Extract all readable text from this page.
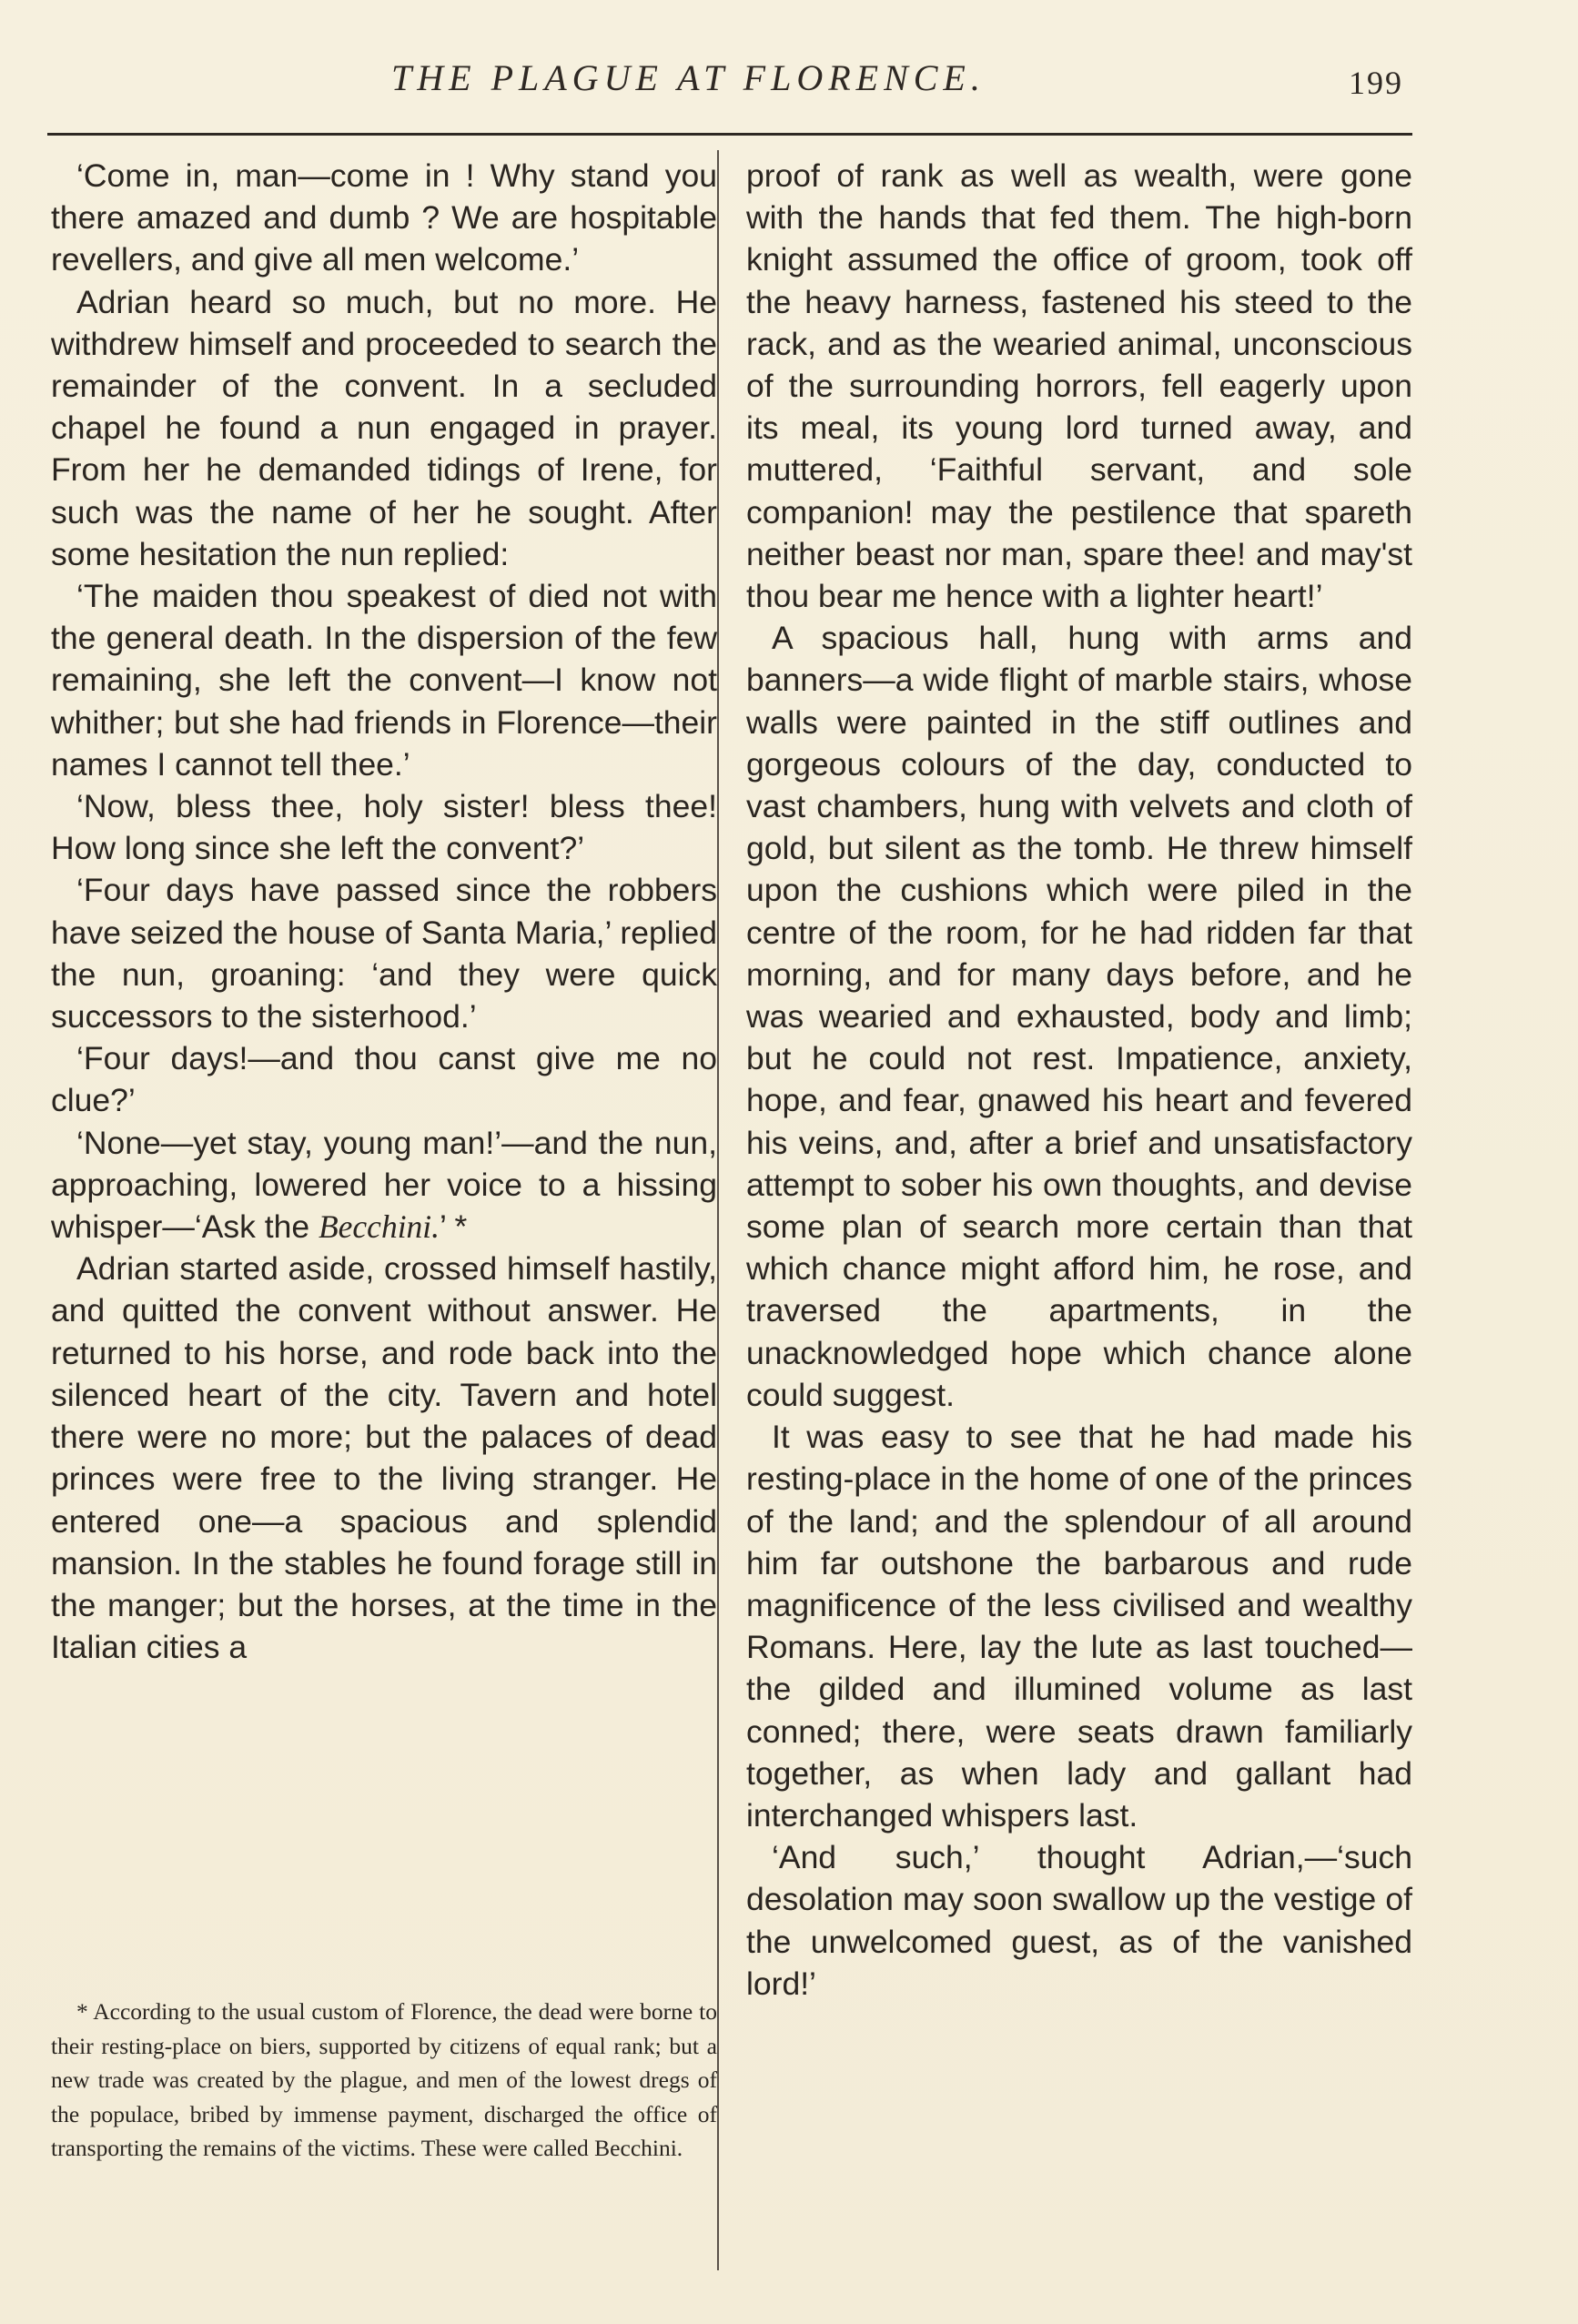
THE PLAGUE AT FLORENCE.	199

‘Come in, man—come in ! Why stand you there amazed and dumb ? We are hospitable revellers, and give all men welcome.’

Adrian heard so much, but no more. He withdrew himself and proceeded to search the remainder of the convent. In a secluded chapel he found a nun engaged in prayer. From her he demanded tidings of Irene, for such was the name of her he sought. After some hesitation the nun replied:

‘The maiden thou speakest of died not with the general death. In the dispersion of the few remaining, she left the convent—I know not whither; but she had friends in Florence—their names I cannot tell thee.’

‘Now, bless thee, holy sister! bless thee! How long since she left the convent?’

‘Four days have passed since the robbers have seized the house of Santa Maria,’ replied the nun, groaning: ‘and they were quick successors to the sisterhood.’

‘Four days!—and thou canst give me no clue?’

‘None—yet stay, young man!’—and the nun, approaching, lowered her voice to a hissing whisper—‘Ask the Becchini.’ *

Adrian started aside, crossed himself hastily, and quitted the convent without answer. He returned to his horse, and rode back into the silenced heart of the city. Tavern and hotel there were no more; but the palaces of dead princes were free to the living stranger. He entered one—a spacious and splendid mansion. In the stables he found forage still in the manger; but the horses, at the time in the Italian cities a

* According to the usual custom of Florence, the dead were borne to their resting-place on biers, supported by citizens of equal rank; but a new trade was created by the plague, and men of the lowest dregs of the populace, bribed by immense payment, discharged the office of transporting the remains of the victims. These were called Becchini.

proof of rank as well as wealth, were gone with the hands that fed them. The high-born knight assumed the office of groom, took off the heavy harness, fastened his steed to the rack, and as the wearied animal, unconscious of the surrounding horrors, fell eagerly upon its meal, its young lord turned away, and muttered, ‘Faithful servant, and sole companion! may the pestilence that spareth neither beast nor man, spare thee! and may'st thou bear me hence with a lighter heart!’

A spacious hall, hung with arms and banners—a wide flight of marble stairs, whose walls were painted in the stiff outlines and gorgeous colours of the day, conducted to vast chambers, hung with velvets and cloth of gold, but silent as the tomb. He threw himself upon the cushions which were piled in the centre of the room, for he had ridden far that morning, and for many days before, and he was wearied and exhausted, body and limb; but he could not rest. Impatience, anxiety, hope, and fear, gnawed his heart and fevered his veins, and, after a brief and unsatisfactory attempt to sober his own thoughts, and devise some plan of search more certain than that which chance might afford him, he rose, and traversed the apartments, in the unacknowledged hope which chance alone could suggest.

It was easy to see that he had made his resting-place in the home of one of the princes of the land; and the splendour of all around him far outshone the barbarous and rude magnificence of the less civilised and wealthy Romans. Here, lay the lute as last touched—the gilded and illumined volume as last conned; there, were seats drawn familiarly together, as when lady and gallant had interchanged whispers last.

‘And such,’ thought Adrian,—‘such desolation may soon swallow up the vestige of the unwelcomed guest, as of the vanished lord!’
